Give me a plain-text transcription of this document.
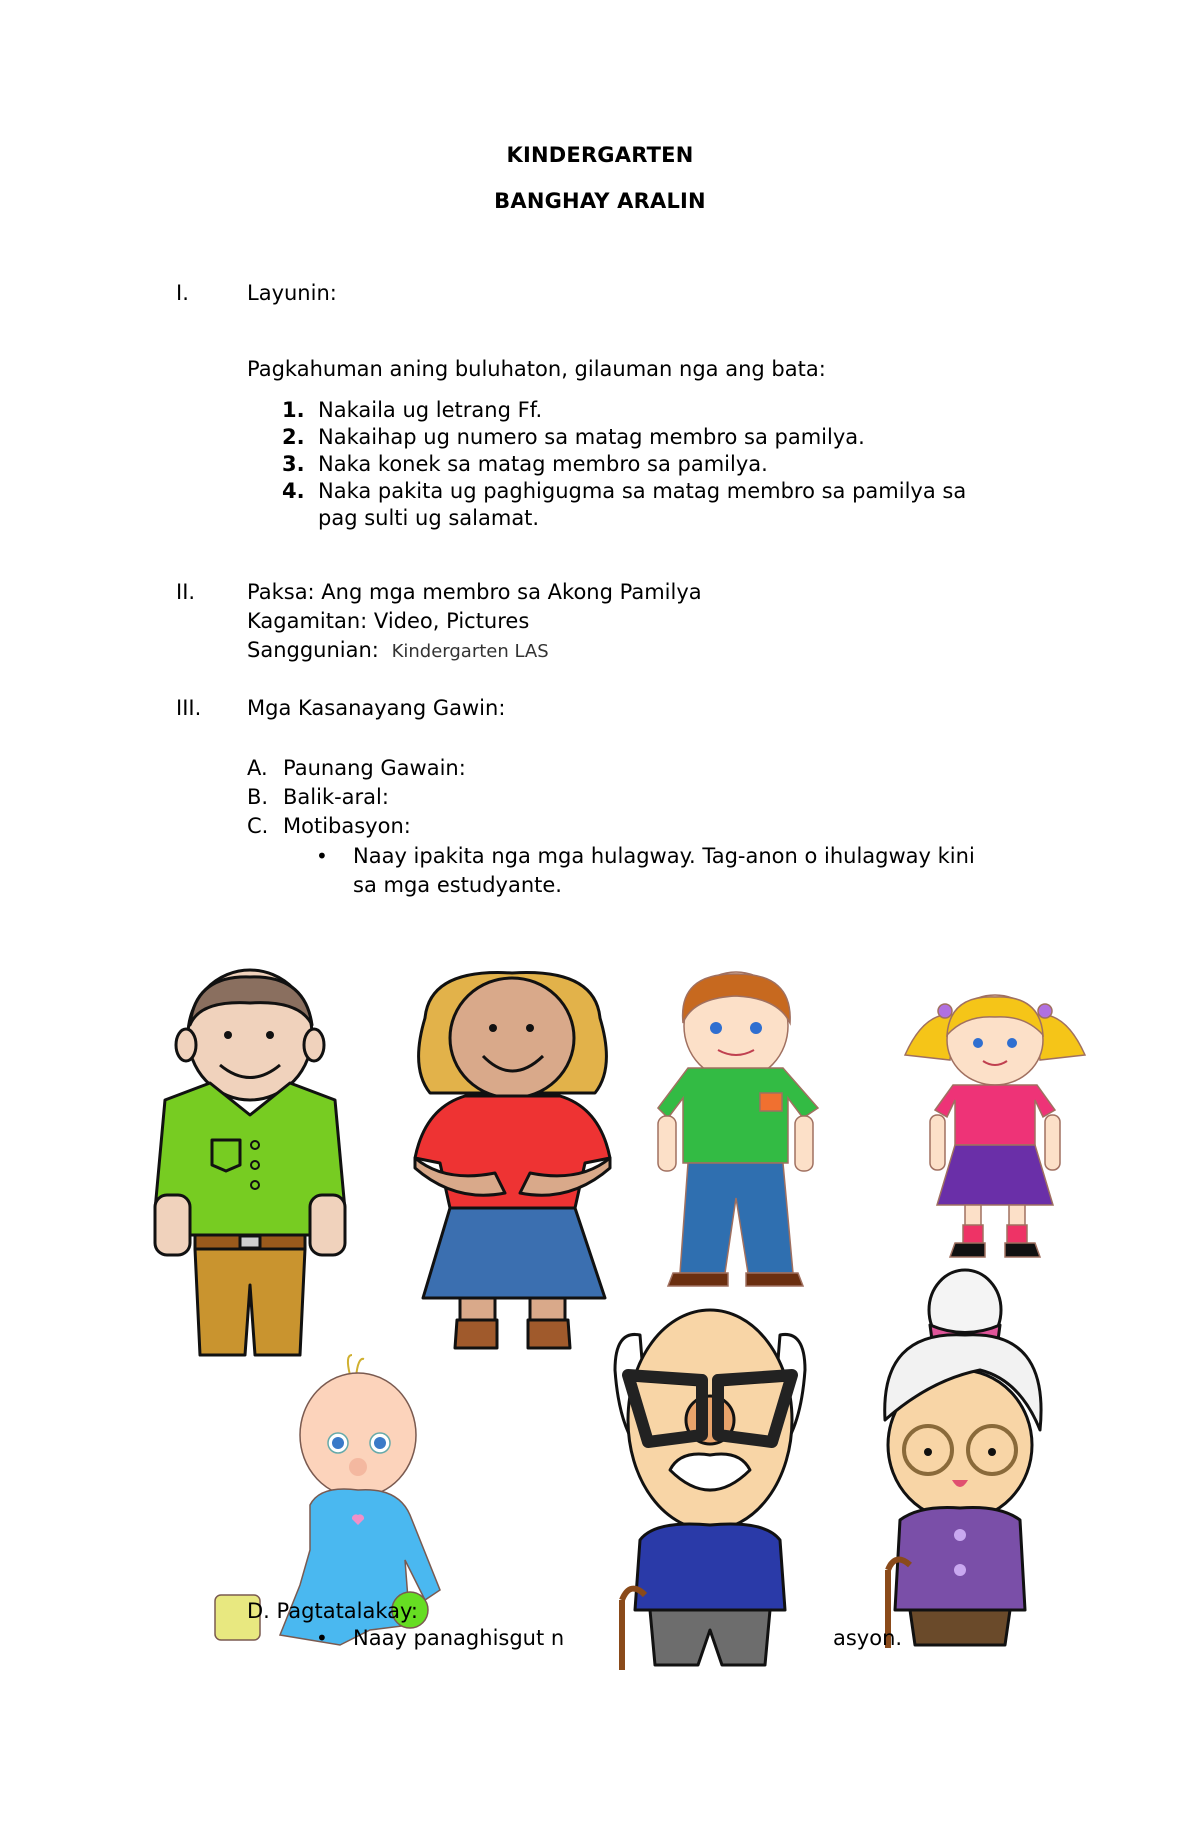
KINDERGARTEN
BANGHAY ARALIN
I.	Layunin:
Pagkahuman aning buluhaton, gilauman nga ang bata:
1. Nakaila ug letrang Ff.
2. Nakaihap ug numero sa matag membro sa pamilya.
3. Naka konek sa matag membro sa pamilya.
4. Naka pakita ug paghigugma sa matag membro sa pamilya sa
pag sulti ug salamat.
II. Paksa: Ang mga membro sa Akong Pamilya
Kagamitan: Video, Pictures
Sanggunian: Kindergarten LAS
III. Mga Kasanayang Gawin:
A. Paunang Gawain:
B. Balik-aral:
C. Motibasyon:
• Naay ipakita nga mga hulagway. Tag-anon o ihulagway kini
sa mga estudyante.
D. Pagtatalakay:
• Naay panaghisgut n	asyon.
